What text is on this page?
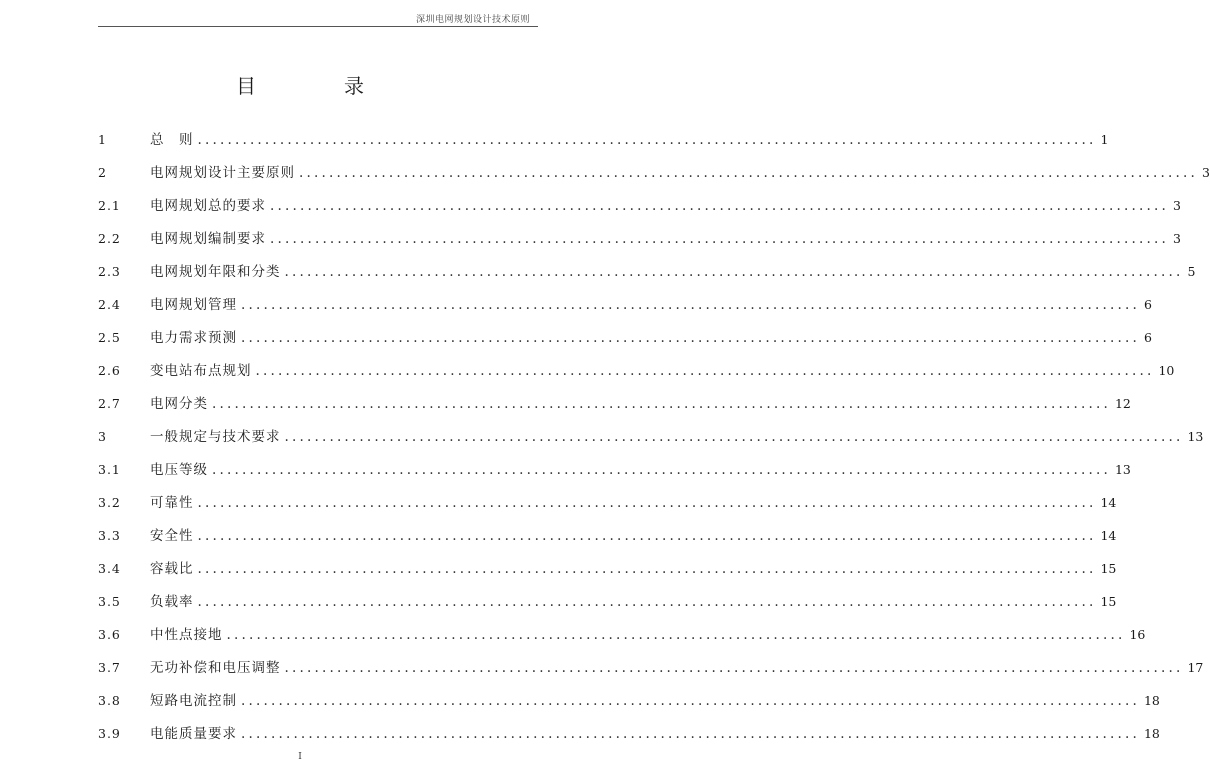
深圳电网规划设计技术原则
目　录
1	总　则 ........................................................................................................................ 1
2	电网规划设计主要原则 ........................................................................................................................ 3
2.1	电网规划总的要求 ........................................................................................................................ 3
2.2	电网规划编制要求 ........................................................................................................................ 3
2.3	电网规划年限和分类 ........................................................................................................................ 5
2.4	电网规划管理 ........................................................................................................................ 6
2.5	电力需求预测 ........................................................................................................................ 6
2.6	变电站布点规划 ........................................................................................................................ 10
2.7	电网分类 ........................................................................................................................ 12
3	一般规定与技术要求 ........................................................................................................................ 13
3.1	电压等级 ........................................................................................................................ 13
3.2	可靠性 ........................................................................................................................ 14
3.3	安全性 ........................................................................................................................ 14
3.4	容载比 ........................................................................................................................ 15
3.5	负载率 ........................................................................................................................ 15
3.6	中性点接地 ........................................................................................................................ 16
3.7	无功补偿和电压调整 ........................................................................................................................ 17
3.8	短路电流控制 ........................................................................................................................ 18
3.9	电能质量要求 ........................................................................................................................ 18
I
